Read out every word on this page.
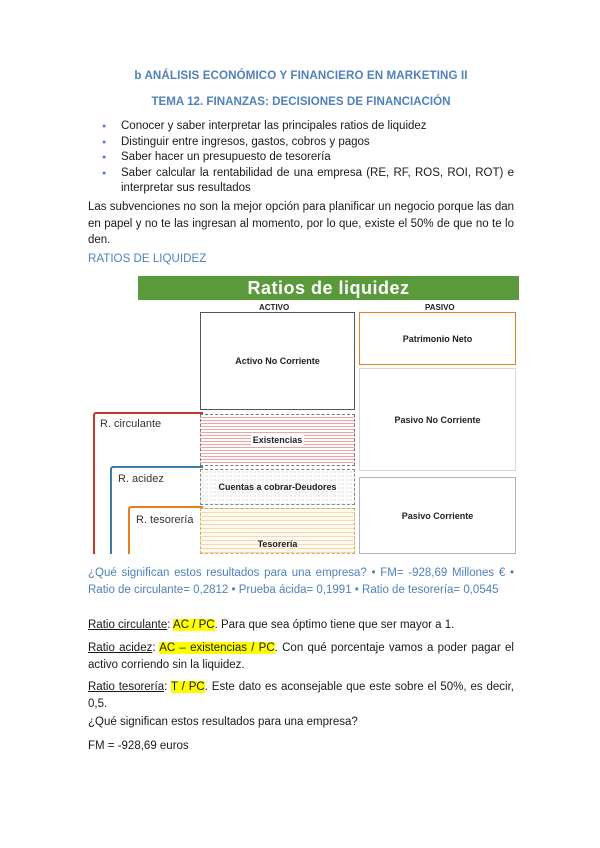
b ANÁLISIS ECONÓMICO Y FINANCIERO EN MARKETING II
TEMA 12. FINANZAS: DECISIONES DE FINANCIACIÓN
● Conocer y saber interpretar las principales ratios de liquidez
● Distinguir entre ingresos, gastos, cobros y pagos
● Saber hacer un presupuesto de tesorería
● Saber calcular la rentabilidad de una empresa (RE, RF, ROS, ROI, ROT) e interpretar sus resultados
Las subvenciones no son la mejor opción para planificar un negocio porque las dan en papel y no te las ingresan al momento, por lo que, existe el 50% de que no te lo den.
RATIOS DE LIQUIDEZ
Ratios de liquidez
ACTIVO	PASIVO
R. circulante
R. acidez
R. tesorería
Activo No Corriente
Existencias
Cuentas a cobrar-Deudores
Tesorería
Patrimonio Neto
Pasivo No Corriente
Pasivo Corriente
¿Qué significan estos resultados para una empresa? • FM= -928,69 Millones € • Ratio de circulante= 0,2812 • Prueba ácida= 0,1991 • Ratio de tesorería= 0,0545
Ratio circulante: AC / PC. Para que sea óptimo tiene que ser mayor a 1.
Ratio acidez: AC – existencias / PC. Con qué porcentaje vamos a poder pagar el activo corriendo sin la liquidez.
Ratio tesorería: T / PC. Este dato es aconsejable que este sobre el 50%, es decir, 0,5.
¿Qué significan estos resultados para una empresa?
FM = -928,69 euros
